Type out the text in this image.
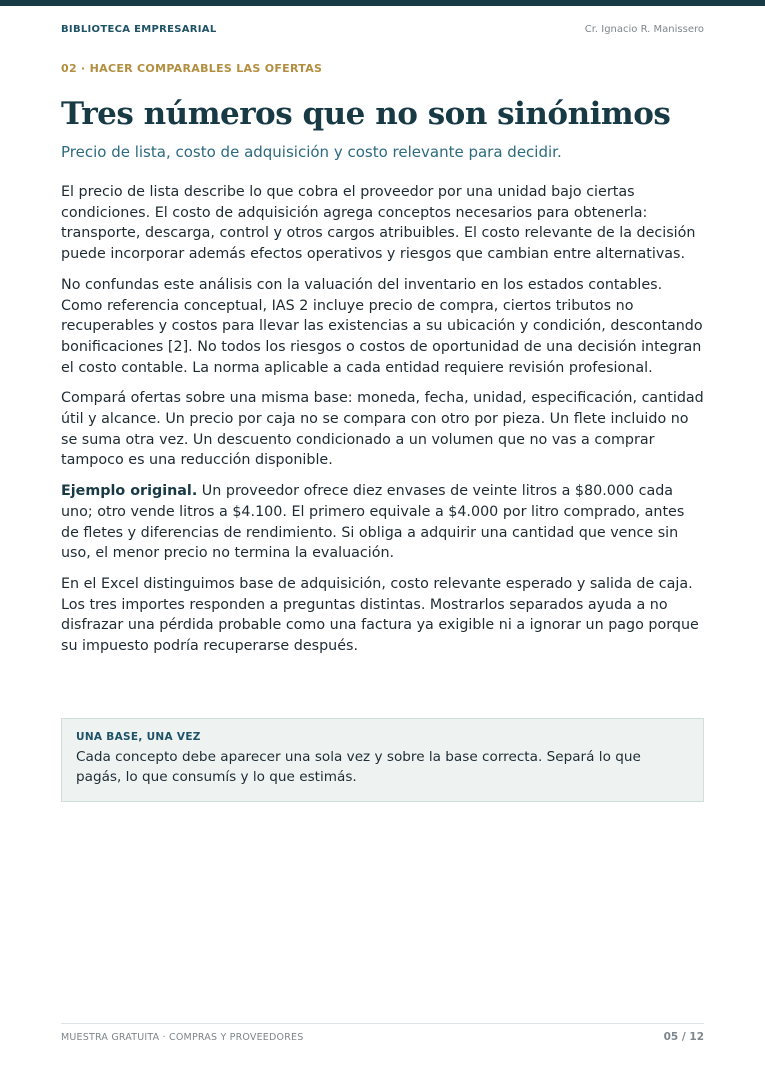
BIBLIOTECA EMPRESARIAL	Cr. Ignacio R. Manissero
02 · HACER COMPARABLES LAS OFERTAS
Tres números que no son sinónimos
Precio de lista, costo de adquisición y costo relevante para decidir.

El precio de lista describe lo que cobra el proveedor por una unidad bajo ciertas condiciones. El costo de adquisición agrega conceptos necesarios para obtenerla: transporte, descarga, control y otros cargos atribuibles. El costo relevante de la decisión puede incorporar además efectos operativos y riesgos que cambian entre alternativas.

No confundas este análisis con la valuación del inventario en los estados contables. Como referencia conceptual, IAS 2 incluye precio de compra, ciertos tributos no recuperables y costos para llevar las existencias a su ubicación y condición, descontando bonificaciones [2]. No todos los riesgos o costos de oportunidad de una decisión integran el costo contable. La norma aplicable a cada entidad requiere revisión profesional.

Compará ofertas sobre una misma base: moneda, fecha, unidad, especificación, cantidad útil y alcance. Un precio por caja no se compara con otro por pieza. Un flete incluido no se suma otra vez. Un descuento condicionado a un volumen que no vas a comprar tampoco es una reducción disponible.

Ejemplo original. Un proveedor ofrece diez envases de veinte litros a $80.000 cada uno; otro vende litros a $4.100. El primero equivale a $4.000 por litro comprado, antes de fletes y diferencias de rendimiento. Si obliga a adquirir una cantidad que vence sin uso, el menor precio no termina la evaluación.

En el Excel distinguimos base de adquisición, costo relevante esperado y salida de caja. Los tres importes responden a preguntas distintas. Mostrarlos separados ayuda a no disfrazar una pérdida probable como una factura ya exigible ni a ignorar un pago porque su impuesto podría recuperarse después.

UNA BASE, UNA VEZ
Cada concepto debe aparecer una sola vez y sobre la base correcta. Separá lo que pagás, lo que consumís y lo que estimás.
MUESTRA GRATUITA · COMPRAS Y PROVEEDORES	05 / 12
